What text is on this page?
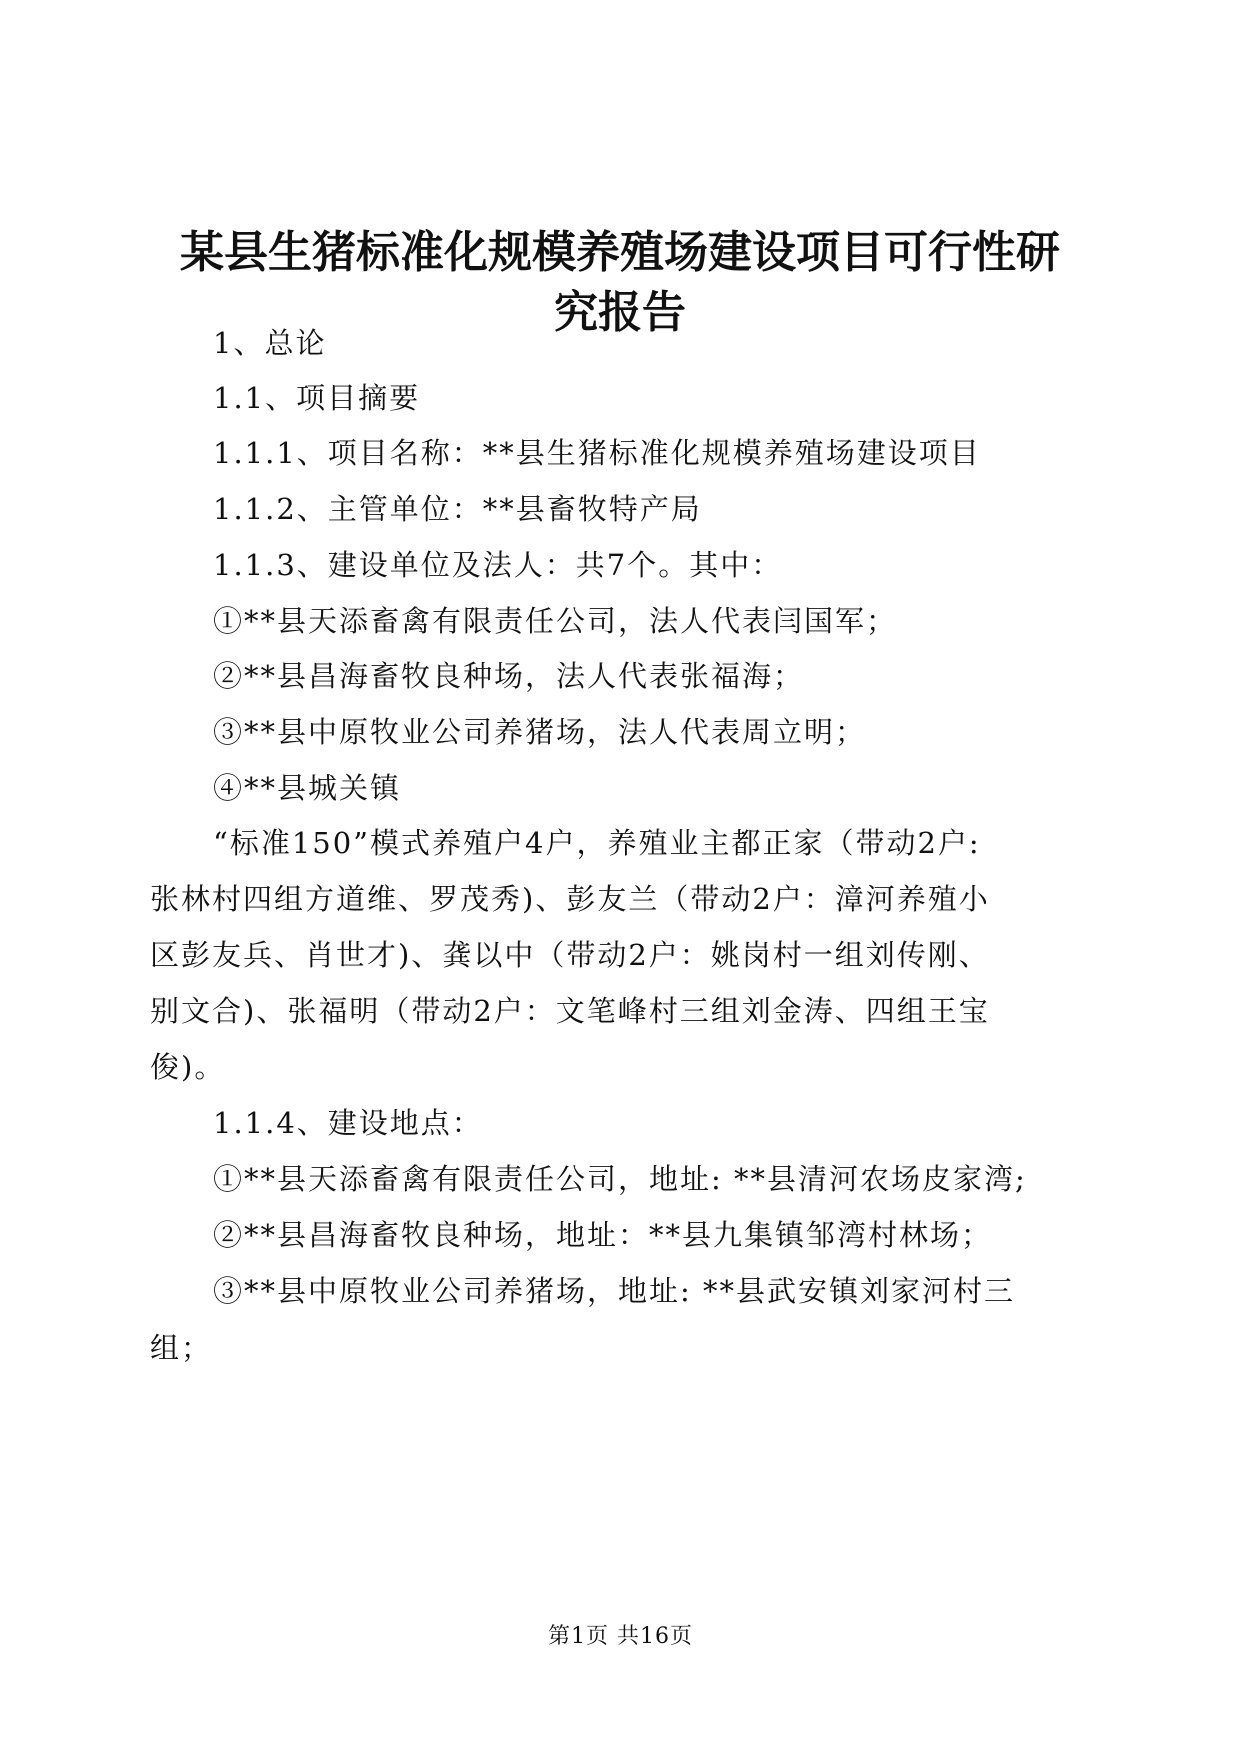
某县生猪标准化规模养殖场建设项目可行性研
究报告
1、总论
1.1、项目摘要
1.1.1、项目名称：**县生猪标准化规模养殖场建设项目
1.1.2、主管单位：**县畜牧特产局
1.1.3、建设单位及法人：共7个。其中：
①**县天添畜禽有限责任公司，法人代表闫国军；
②**县昌海畜牧良种场，法人代表张福海；
③**县中原牧业公司养猪场，法人代表周立明；
④**县城关镇
“标准150”模式养殖户4户，养殖业主都正家（带动2户:
张林村四组方道维、罗茂秀)、彭友兰（带动2户：漳河养殖小
区彭友兵、肖世才)、龚以中（带动2户：姚岗村一组刘传刚、
别文合)、张福明（带动2户：文笔峰村三组刘金涛、四组王宝
俊)。
1.1.4、建设地点：
①**县天添畜禽有限责任公司，地址: **县清河农场皮家湾;
②**县昌海畜牧良种场，地址：**县九集镇邹湾村林场；
③**县中原牧业公司养猪场，地址: **县武安镇刘家河村三
组；
第1页 共16页
